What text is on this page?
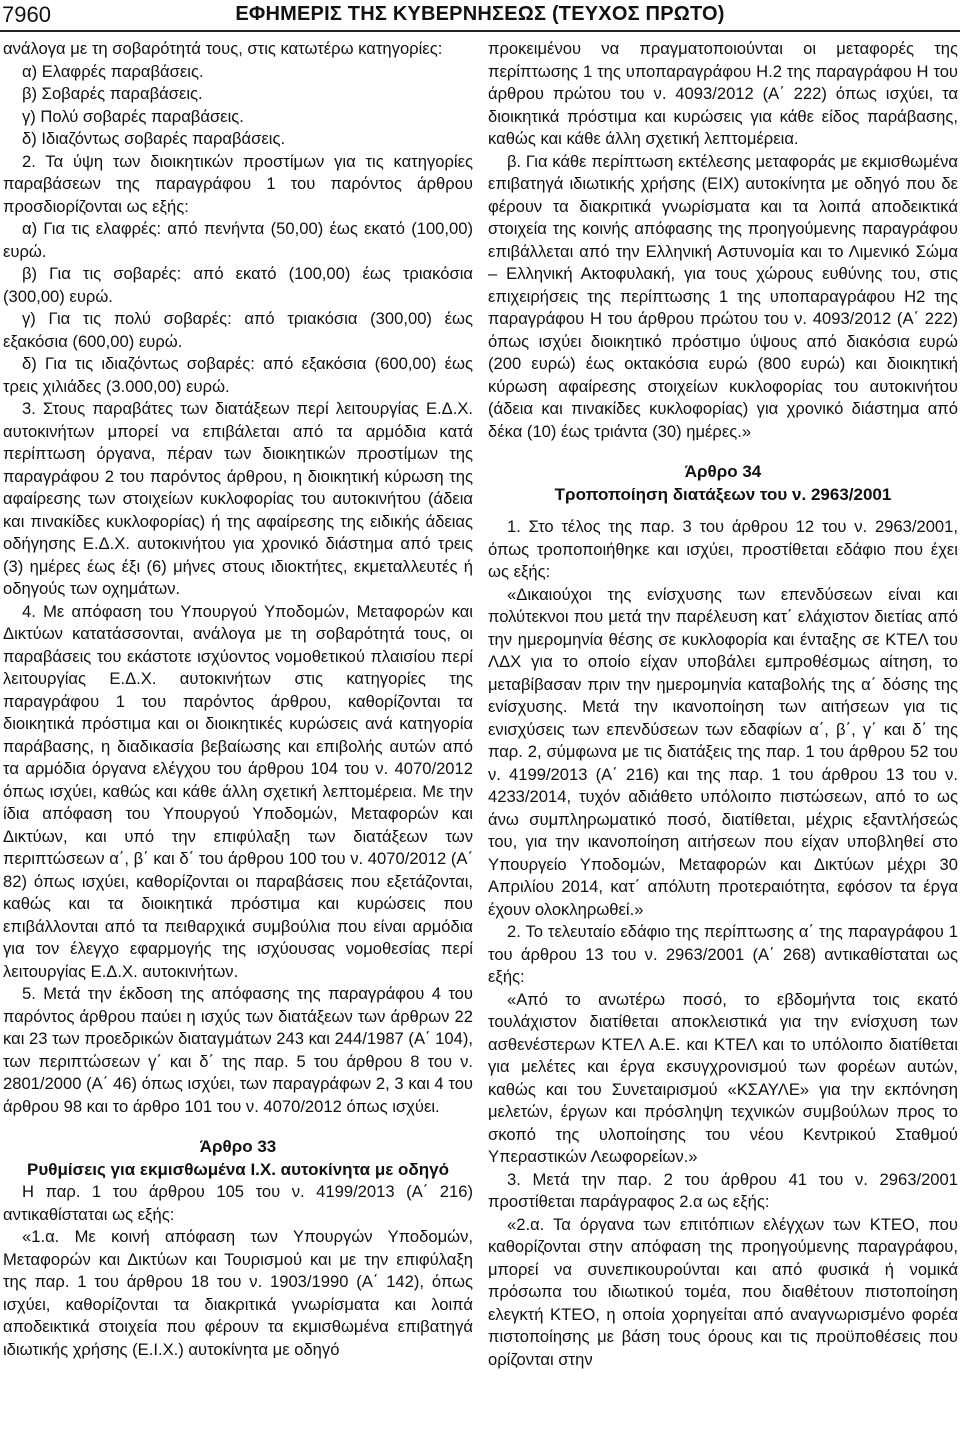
7960	ΕΦΗΜΕΡΙΣ ΤΗΣ ΚΥΒΕΡΝΗΣΕΩΣ (ΤΕΥΧΟΣ ΠΡΩΤΟ)

ανάλογα με τη σοβαρότητά τους, στις κατωτέρω κατηγορίες:

α) Ελαφρές παραβάσεις.

β) Σοβαρές παραβάσεις.

γ) Πολύ σοβαρές παραβάσεις.

δ) Ιδιαζόντως σοβαρές παραβάσεις.

2. Τα ύψη των διοικητικών προστίμων για τις κατηγορίες παραβάσεων της παραγράφου 1 του παρόντος άρθρου προσδιορίζονται ως εξής:

α) Για τις ελαφρές: από πενήντα (50,00) έως εκατό (100,00) ευρώ.

β) Για τις σοβαρές: από εκατό (100,00) έως τριακόσια (300,00) ευρώ.

γ) Για τις πολύ σοβαρές: από τριακόσια (300,00) έως εξακόσια (600,00) ευρώ.

δ) Για τις ιδιαζόντως σοβαρές: από εξακόσια (600,00) έως τρεις χιλιάδες (3.000,00) ευρώ.

3. Στους παραβάτες των διατάξεων περί λειτουργίας Ε.Δ.Χ. αυτοκινήτων μπορεί να επιβάλεται από τα αρμόδια κατά περίπτωση όργανα, πέραν των διοικητικών προστίμων της παραγράφου 2 του παρόντος άρθρου, η διοικητική κύρωση της αφαίρεσης των στοιχείων κυκλοφορίας του αυτοκινήτου (άδεια και πινακίδες κυκλοφορίας) ή της αφαίρεσης της ειδικής άδειας οδήγησης Ε.Δ.Χ. αυτοκινήτου για χρονικό διάστημα από τρεις (3) ημέρες έως έξι (6) μήνες στους ιδιοκτήτες, εκμεταλλευτές ή οδηγούς των οχημάτων.

4. Με απόφαση του Υπουργού Υποδομών, Μεταφορών και Δικτύων κατατάσσονται, ανάλογα με τη σοβαρότητά τους, οι παραβάσεις του εκάστοτε ισχύοντος νομοθετικού πλαισίου περί λειτουργίας Ε.Δ.Χ. αυτοκινήτων στις κατηγορίες της παραγράφου 1 του παρόντος άρθρου, καθορίζονται τα διοικητικά πρόστιμα και οι διοικητικές κυρώσεις ανά κατηγορία παράβασης, η διαδικασία βεβαίωσης και επιβολής αυτών από τα αρμόδια όργανα ελέγχου του άρθρου 104 του ν. 4070/2012 όπως ισχύει, καθώς και κάθε άλλη σχετική λεπτομέρεια. Με την ίδια απόφαση του Υπουργού Υποδομών, Μεταφορών και Δικτύων, και υπό την επιφύλαξη των διατάξεων των περιπτώσεων α΄, β΄ και δ΄ του άρθρου 100 του ν. 4070/2012 (Α΄ 82) όπως ισχύει, καθορίζονται οι παραβάσεις που εξετάζονται, καθώς και τα διοικητικά πρόστιμα και κυρώσεις που επιβάλλονται από τα πειθαρχικά συμβούλια που είναι αρμόδια για τον έλεγχο εφαρμογής της ισχύουσας νομοθεσίας περί λειτουργίας Ε.Δ.Χ. αυτοκινήτων.

5. Μετά την έκδοση της απόφασης της παραγράφου 4 του παρόντος άρθρου παύει η ισχύς των διατάξεων των άρθρων 22 και 23 των προεδρικών διαταγμάτων 243 και 244/1987 (Α΄ 104), των περιπτώσεων γ΄ και δ΄ της παρ. 5 του άρθρου 8 του ν. 2801/2000 (Α΄ 46) όπως ισχύει, των παραγράφων 2, 3 και 4 του άρθρου 98 και το άρθρο 101 του ν. 4070/2012 όπως ισχύει.

Άρθρο 33

Ρυθμίσεις για εκμισθωμένα Ι.Χ. αυτοκίνητα με οδηγό

Η παρ. 1 του άρθρου 105 του ν. 4199/2013 (Α΄ 216) αντικαθίσταται ως εξής:

«1.α. Με κοινή απόφαση των Υπουργών Υποδομών, Μεταφορών και Δικτύων και Τουρισμού και με την επιφύλαξη της παρ. 1 του άρθρου 18 του ν. 1903/1990 (Α΄ 142), όπως ισχύει, καθορίζονται τα διακριτικά γνωρίσματα και λοιπά αποδεικτικά στοιχεία που φέρουν τα εκμισθωμένα επιβατηγά ιδιωτικής χρήσης (Ε.Ι.Χ.) αυτοκίνητα με οδηγό

προκειμένου να πραγματοποιούνται οι μεταφορές της περίπτωσης 1 της υποπαραγράφου Η.2 της παραγράφου Η του άρθρου πρώτου του ν. 4093/2012 (Α΄ 222) όπως ισχύει, τα διοικητικά πρόστιμα και κυρώσεις για κάθε είδος παράβασης, καθώς και κάθε άλλη σχετική λεπτομέρεια.

β. Για κάθε περίπτωση εκτέλεσης μεταφοράς με εκμισθωμένα επιβατηγά ιδιωτικής χρήσης (ΕΙΧ) αυτοκίνητα με οδηγό που δε φέρουν τα διακριτικά γνωρίσματα και τα λοιπά αποδεικτικά στοιχεία της κοινής απόφασης της προηγούμενης παραγράφου επιβάλλεται από την Ελληνική Αστυνομία και το Λιμενικό Σώμα – Ελληνική Ακτοφυλακή, για τους χώρους ευθύνης του, στις επιχειρήσεις της περίπτωσης 1 της υποπαραγράφου Η2 της παραγράφου Η του άρθρου πρώτου του ν. 4093/2012 (Α΄ 222) όπως ισχύει διοικητικό πρόστιμο ύψους από διακόσια ευρώ (200 ευρώ) έως οκτακόσια ευρώ (800 ευρώ) και διοικητική κύρωση αφαίρεσης στοιχείων κυκλοφορίας του αυτοκινήτου (άδεια και πινακίδες κυκλοφορίας) για χρονικό διάστημα από δέκα (10) έως τριάντα (30) ημέρες.»

Άρθρο 34

Τροποποίηση διατάξεων του ν. 2963/2001

1. Στο τέλος της παρ. 3 του άρθρου 12 του ν. 2963/2001, όπως τροποποιήθηκε και ισχύει, προστίθεται εδάφιο που έχει ως εξής:

«Δικαιούχοι της ενίσχυσης των επενδύσεων είναι και πολύτεκνοι που μετά την παρέλευση κατ΄ ελάχιστον διετίας από την ημερομηνία θέσης σε κυκλοφορία και ένταξης σε ΚΤΕΛ του ΛΔΧ για το οποίο είχαν υποβάλει εμπροθέσμως αίτηση, το μεταβίβασαν πριν την ημερομηνία καταβολής της α΄ δόσης της ενίσχυσης. Μετά την ικανοποίηση των αιτήσεων για τις ενισχύσεις των επενδύσεων των εδαφίων α΄, β΄, γ΄ και δ΄ της παρ. 2, σύμφωνα με τις διατάξεις της παρ. 1 του άρθρου 52 του ν. 4199/2013 (Α΄ 216) και της παρ. 1 του άρθρου 13 του ν. 4233/2014, τυχόν αδιάθετο υπόλοιπο πιστώσεων, από το ως άνω συμπληρωματικό ποσό, διατίθεται, μέχρις εξαντλήσεώς του, για την ικανοποίηση αιτήσεων που είχαν υποβληθεί στο Υπουργείο Υποδομών, Μεταφορών και Δικτύων μέχρι 30 Απριλίου 2014, κατ΄ απόλυτη προτεραιότητα, εφόσον τα έργα έχουν ολοκληρωθεί.»

2. Το τελευταίο εδάφιο της περίπτωσης α΄ της παραγράφου 1 του άρθρου 13 του ν. 2963/2001 (Α΄ 268) αντικαθίσταται ως εξής:

«Από το ανωτέρω ποσό, το εβδομήντα τοις εκατό τουλάχιστον διατίθεται αποκλειστικά για την ενίσχυση των ασθενέστερων ΚΤΕΛ Α.Ε. και ΚΤΕΛ και το υπόλοιπο διατίθεται για μελέτες και έργα εκσυγχρονισμού των φορέων αυτών, καθώς και του Συνεταιρισμού «ΚΣΑΥΛΕ» για την εκπόνηση μελετών, έργων και πρόσληψη τεχνικών συμβούλων προς το σκοπό της υλοποίησης του νέου Κεντρικού Σταθμού Υπεραστικών Λεωφορείων.»

3. Μετά την παρ. 2 του άρθρου 41 του ν. 2963/2001 προστίθεται παράγραφος 2.α ως εξής:

«2.α. Τα όργανα των επιτόπιων ελέγχων των ΚΤΕΟ, που καθορίζονται στην απόφαση της προηγούμενης παραγράφου, μπορεί να συνεπικουρούνται και από φυσικά ή νομικά πρόσωπα του ιδιωτικού τομέα, που διαθέτουν πιστοποίηση ελεγκτή ΚΤΕΟ, η οποία χορηγείται από αναγνωρισμένο φορέα πιστοποίησης με βάση τους όρους και τις προϋποθέσεις που ορίζονται στην
